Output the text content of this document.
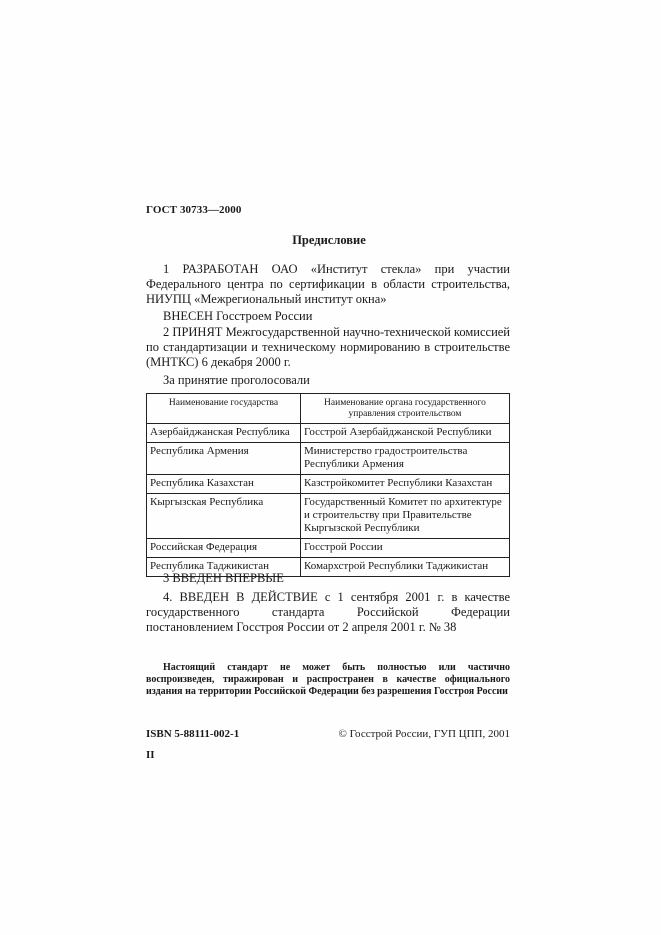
ГОСТ 30733—2000
Предисловие
1 РАЗРАБОТАН ОАО «Институт стекла» при участии Федерального центра по сертификации в области строительства, НИУПЦ «Межрегиональный институт окна»
ВНЕСЕН Госстроем России
2 ПРИНЯТ Межгосударственной научно-технической комиссией по стандартизации и техническому нормированию в строительстве (МНТКС) 6 декабря 2000 г.
За принятие проголосовали
Наименование государства	Наименование органа государственного управления строительством
Азербайджанская Республика	Госстрой Азербайджанской Республики
Республика Армения	Министерство градостроительства Республики Армения
Республика Казахстан	Казстройкомитет Республики Казахстан
Кыргызская Республика	Государственный Комитет по архитектуре и строительству при Правительстве Кыргызской Республики
Российская Федерация	Госстрой России
Республика Таджикистан	Комархстрой Республики Таджикистан
3 ВВЕДЕН ВПЕРВЫЕ
4. ВВЕДЕН В ДЕЙСТВИЕ с 1 сентября 2001 г. в качестве государственного стандарта Российской Федерации постановлением Госстроя России от 2 апреля 2001 г. № 38
Настоящий стандарт не может быть полностью или частично воспроизведен, тиражирован и распространен в качестве официального издания на территории Российской Федерации без разрешения Госстроя России
ISBN 5-88111-002-1	© Госстрой России, ГУП ЦПП, 2001
II
